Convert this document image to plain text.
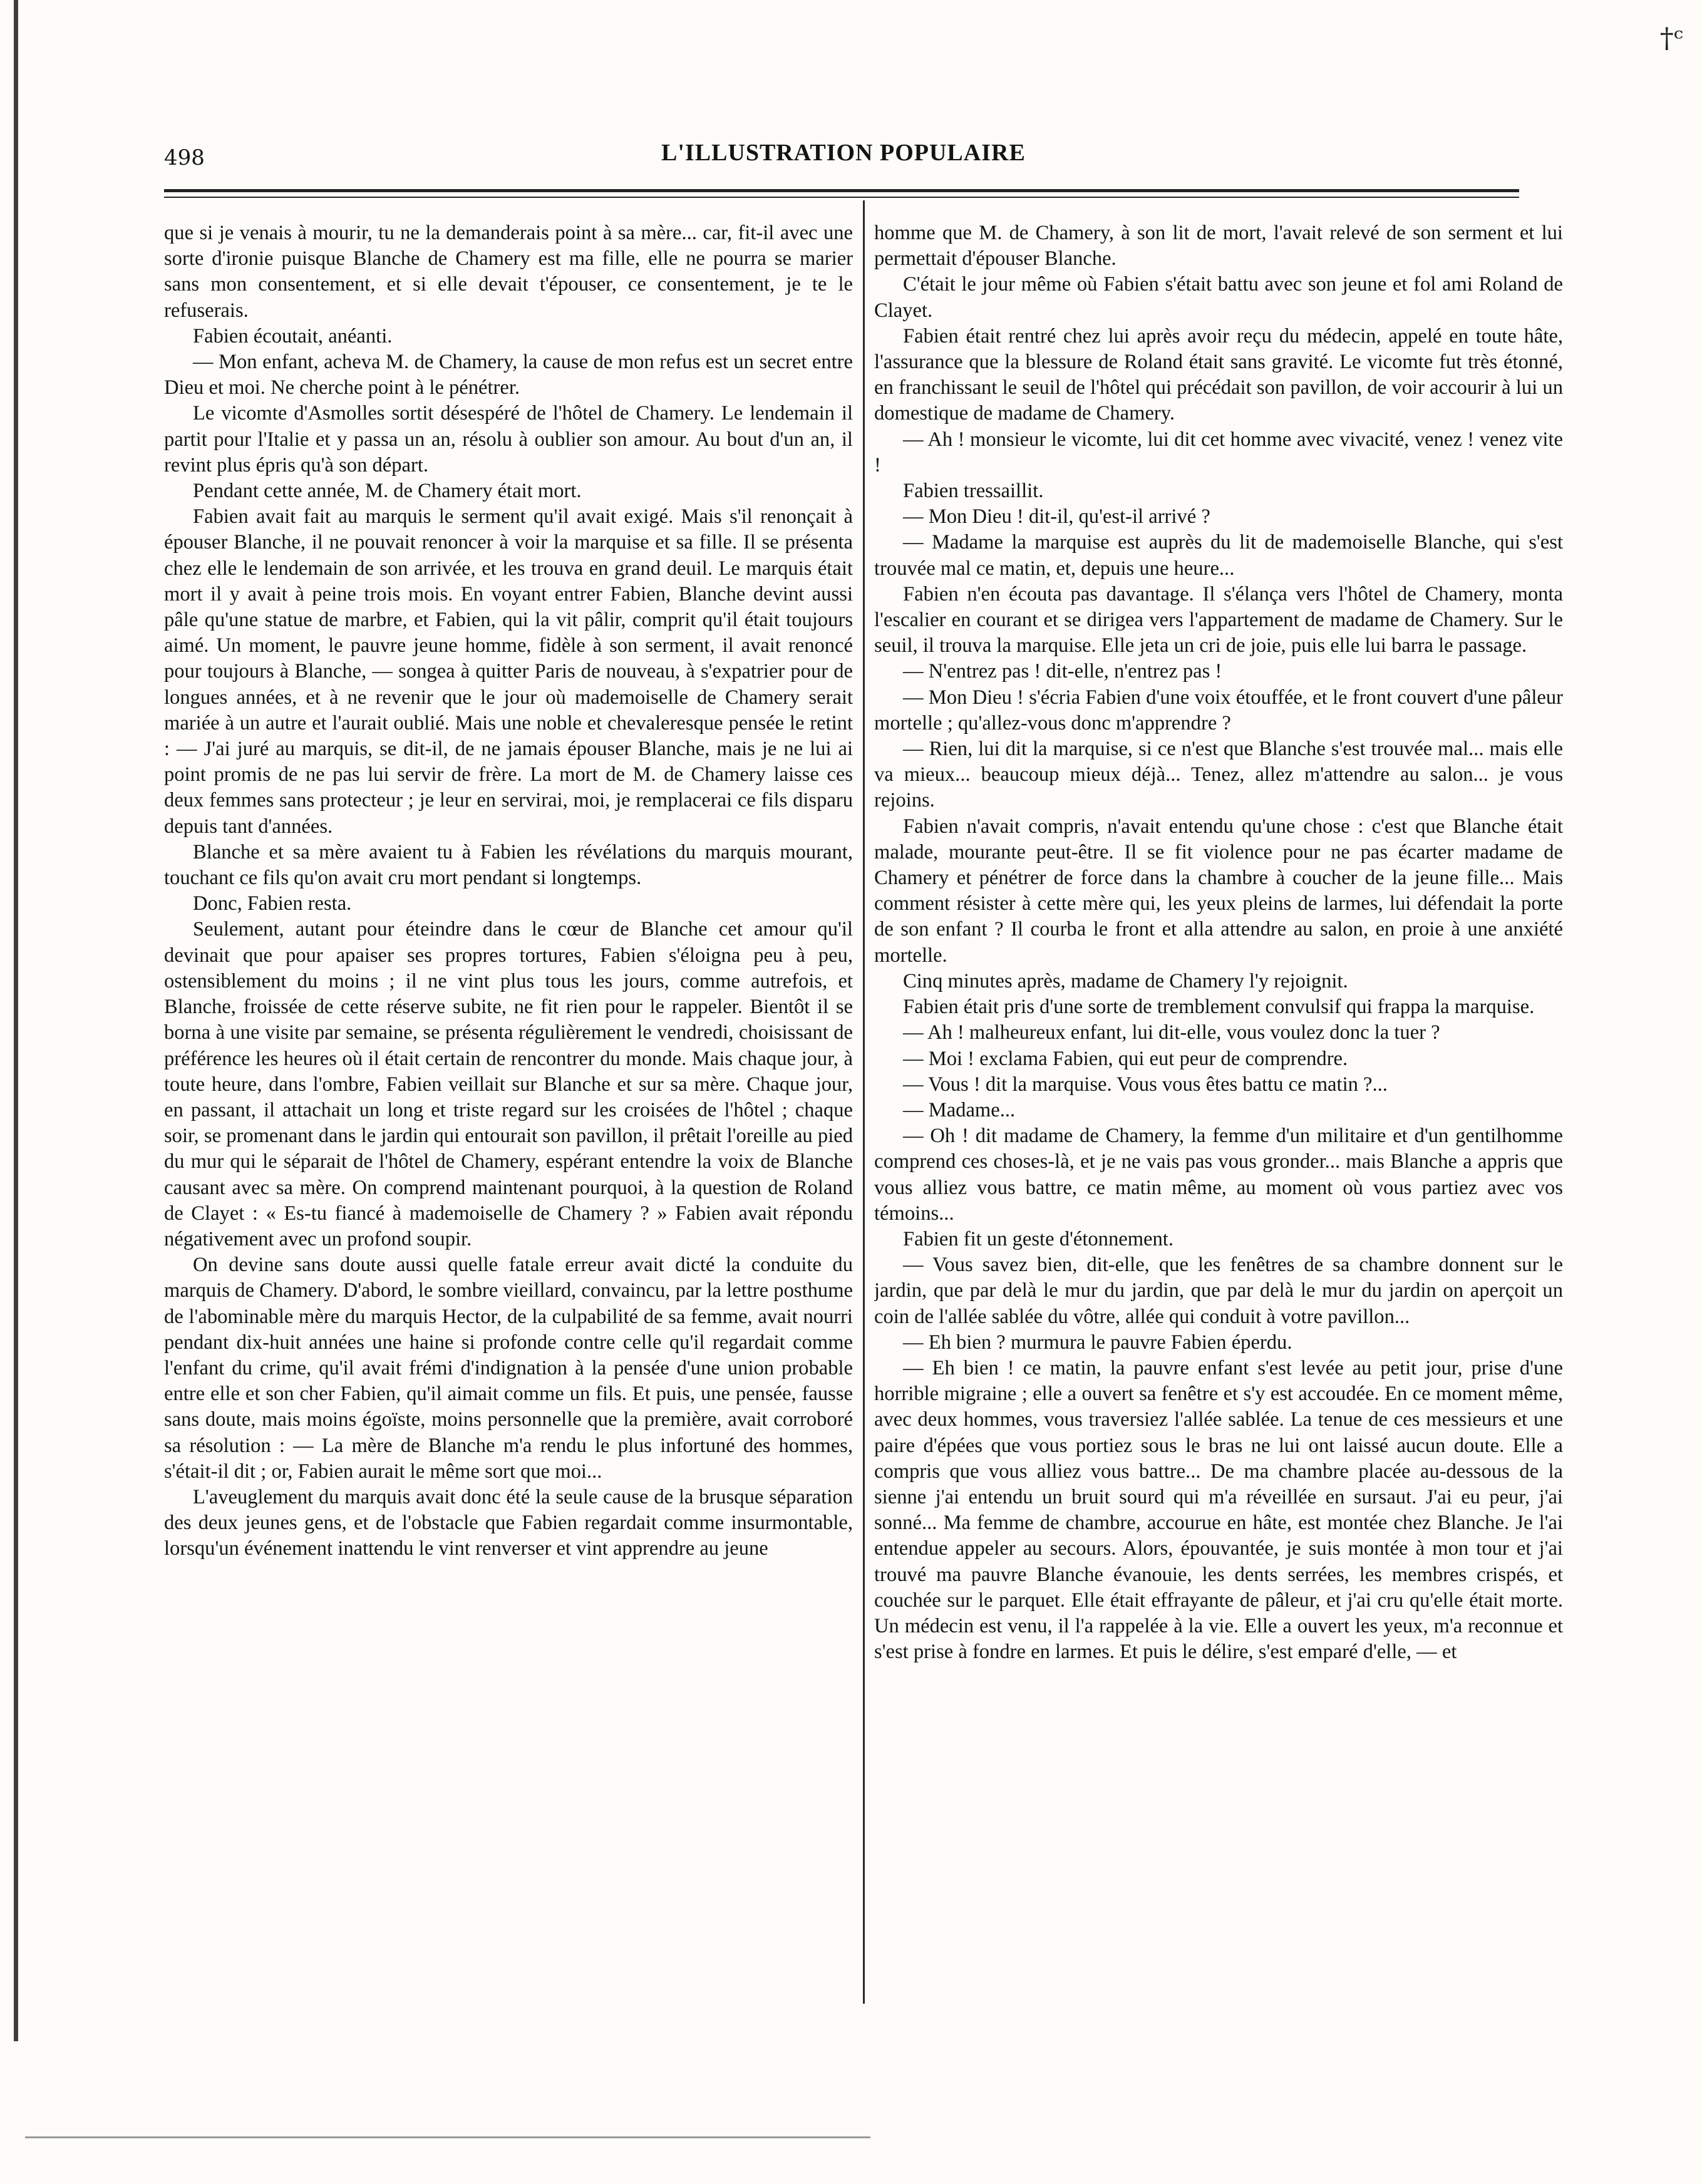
†ᶜ
498	L'ILLUSTRATION POPULAIRE

que si je venais à mourir, tu ne la demanderais point à sa mère... car, fit-il avec une sorte d'ironie puisque Blanche de Chamery est ma fille, elle ne pourra se marier sans mon consentement, et si elle devait t'épouser, ce consentement, je te le refuserais.

Fabien écoutait, anéanti.

— Mon enfant, acheva M. de Chamery, la cause de mon refus est un secret entre Dieu et moi. Ne cherche point à le pénétrer.

Le vicomte d'Asmolles sortit désespéré de l'hôtel de Chamery. Le lendemain il partit pour l'Italie et y passa un an, résolu à oublier son amour. Au bout d'un an, il revint plus épris qu'à son départ.

Pendant cette année, M. de Chamery était mort.

Fabien avait fait au marquis le serment qu'il avait exigé. Mais s'il renonçait à épouser Blanche, il ne pouvait renoncer à voir la marquise et sa fille. Il se présenta chez elle le lendemain de son arrivée, et les trouva en grand deuil. Le marquis était mort il y avait à peine trois mois. En voyant entrer Fabien, Blanche devint aussi pâle qu'une statue de marbre, et Fabien, qui la vit pâlir, comprit qu'il était toujours aimé. Un moment, le pauvre jeune homme, fidèle à son serment, il avait renoncé pour toujours à Blanche, — songea à quitter Paris de nouveau, à s'expatrier pour de longues années, et à ne revenir que le jour où mademoiselle de Chamery serait mariée à un autre et l'aurait oublié. Mais une noble et chevaleresque pensée le retint : — J'ai juré au marquis, se dit-il, de ne jamais épouser Blanche, mais je ne lui ai point promis de ne pas lui servir de frère. La mort de M. de Chamery laisse ces deux femmes sans protecteur ; je leur en servirai, moi, je remplacerai ce fils disparu depuis tant d'années.

Blanche et sa mère avaient tu à Fabien les révélations du marquis mourant, touchant ce fils qu'on avait cru mort pendant si longtemps.

Donc, Fabien resta.

Seulement, autant pour éteindre dans le cœur de Blanche cet amour qu'il devinait que pour apaiser ses propres tortures, Fabien s'éloigna peu à peu, ostensiblement du moins ; il ne vint plus tous les jours, comme autrefois, et Blanche, froissée de cette réserve subite, ne fit rien pour le rappeler. Bientôt il se borna à une visite par semaine, se présenta régulièrement le vendredi, choisissant de préférence les heures où il était certain de rencontrer du monde. Mais chaque jour, à toute heure, dans l'ombre, Fabien veillait sur Blanche et sur sa mère. Chaque jour, en passant, il attachait un long et triste regard sur les croisées de l'hôtel ; chaque soir, se promenant dans le jardin qui entourait son pavillon, il prêtait l'oreille au pied du mur qui le séparait de l'hôtel de Chamery, espérant entendre la voix de Blanche causant avec sa mère. On comprend maintenant pourquoi, à la question de Roland de Clayet : « Es-tu fiancé à mademoiselle de Chamery ? » Fabien avait répondu négativement avec un profond soupir.

On devine sans doute aussi quelle fatale erreur avait dicté la conduite du marquis de Chamery. D'abord, le sombre vieillard, convaincu, par la lettre posthume de l'abominable mère du marquis Hector, de la culpabilité de sa femme, avait nourri pendant dix-huit années une haine si profonde contre celle qu'il regardait comme l'enfant du crime, qu'il avait frémi d'indignation à la pensée d'une union probable entre elle et son cher Fabien, qu'il aimait comme un fils. Et puis, une pensée, fausse sans doute, mais moins égoïste, moins personnelle que la première, avait corroboré sa résolution : — La mère de Blanche m'a rendu le plus infortuné des hommes, s'était-il dit ; or, Fabien aurait le même sort que moi...

L'aveuglement du marquis avait donc été la seule cause de la brusque séparation des deux jeunes gens, et de l'obstacle que Fabien regardait comme insurmontable, lorsqu'un événement inattendu le vint renverser et vint apprendre au jeune

homme que M. de Chamery, à son lit de mort, l'avait relevé de son serment et lui permettait d'épouser Blanche.

C'était le jour même où Fabien s'était battu avec son jeune et fol ami Roland de Clayet.

Fabien était rentré chez lui après avoir reçu du médecin, appelé en toute hâte, l'assurance que la blessure de Roland était sans gravité. Le vicomte fut très étonné, en franchissant le seuil de l'hôtel qui précédait son pavillon, de voir accourir à lui un domestique de madame de Chamery.

— Ah ! monsieur le vicomte, lui dit cet homme avec vivacité, venez ! venez vite !

Fabien tressaillit.

— Mon Dieu ! dit-il, qu'est-il arrivé ?

— Madame la marquise est auprès du lit de mademoiselle Blanche, qui s'est trouvée mal ce matin, et, depuis une heure...

Fabien n'en écouta pas davantage. Il s'élança vers l'hôtel de Chamery, monta l'escalier en courant et se dirigea vers l'appartement de madame de Chamery. Sur le seuil, il trouva la marquise. Elle jeta un cri de joie, puis elle lui barra le passage.

— N'entrez pas ! dit-elle, n'entrez pas !

— Mon Dieu ! s'écria Fabien d'une voix étouffée, et le front couvert d'une pâleur mortelle ; qu'allez-vous donc m'apprendre ?

— Rien, lui dit la marquise, si ce n'est que Blanche s'est trouvée mal... mais elle va mieux... beaucoup mieux déjà... Tenez, allez m'attendre au salon... je vous rejoins.

Fabien n'avait compris, n'avait entendu qu'une chose : c'est que Blanche était malade, mourante peut-être. Il se fit violence pour ne pas écarter madame de Chamery et pénétrer de force dans la chambre à coucher de la jeune fille... Mais comment résister à cette mère qui, les yeux pleins de larmes, lui défendait la porte de son enfant ? Il courba le front et alla attendre au salon, en proie à une anxiété mortelle.

Cinq minutes après, madame de Chamery l'y rejoignit.

Fabien était pris d'une sorte de tremblement convulsif qui frappa la marquise.

— Ah ! malheureux enfant, lui dit-elle, vous voulez donc la tuer ?

— Moi ! exclama Fabien, qui eut peur de comprendre.

— Vous ! dit la marquise. Vous vous êtes battu ce matin ?...

— Madame...

— Oh ! dit madame de Chamery, la femme d'un militaire et d'un gentilhomme comprend ces choses-là, et je ne vais pas vous gronder... mais Blanche a appris que vous alliez vous battre, ce matin même, au moment où vous partiez avec vos témoins...

Fabien fit un geste d'étonnement.

— Vous savez bien, dit-elle, que les fenêtres de sa chambre donnent sur le jardin, que par delà le mur du jardin, que par delà le mur du jardin on aperçoit un coin de l'allée sablée du vôtre, allée qui conduit à votre pavillon...

— Eh bien ? murmura le pauvre Fabien éperdu.

— Eh bien ! ce matin, la pauvre enfant s'est levée au petit jour, prise d'une horrible migraine ; elle a ouvert sa fenêtre et s'y est accoudée. En ce moment même, avec deux hommes, vous traversiez l'allée sablée. La tenue de ces messieurs et une paire d'épées que vous portiez sous le bras ne lui ont laissé aucun doute. Elle a compris que vous alliez vous battre... De ma chambre placée au-dessous de la sienne j'ai entendu un bruit sourd qui m'a réveillée en sursaut. J'ai eu peur, j'ai sonné... Ma femme de chambre, accourue en hâte, est montée chez Blanche. Je l'ai entendue appeler au secours. Alors, épouvantée, je suis montée à mon tour et j'ai trouvé ma pauvre Blanche évanouie, les dents serrées, les membres crispés, et couchée sur le parquet. Elle était effrayante de pâleur, et j'ai cru qu'elle était morte. Un médecin est venu, il l'a rappelée à la vie. Elle a ouvert les yeux, m'a reconnue et s'est prise à fondre en larmes. Et puis le délire, s'est emparé d'elle, — et
